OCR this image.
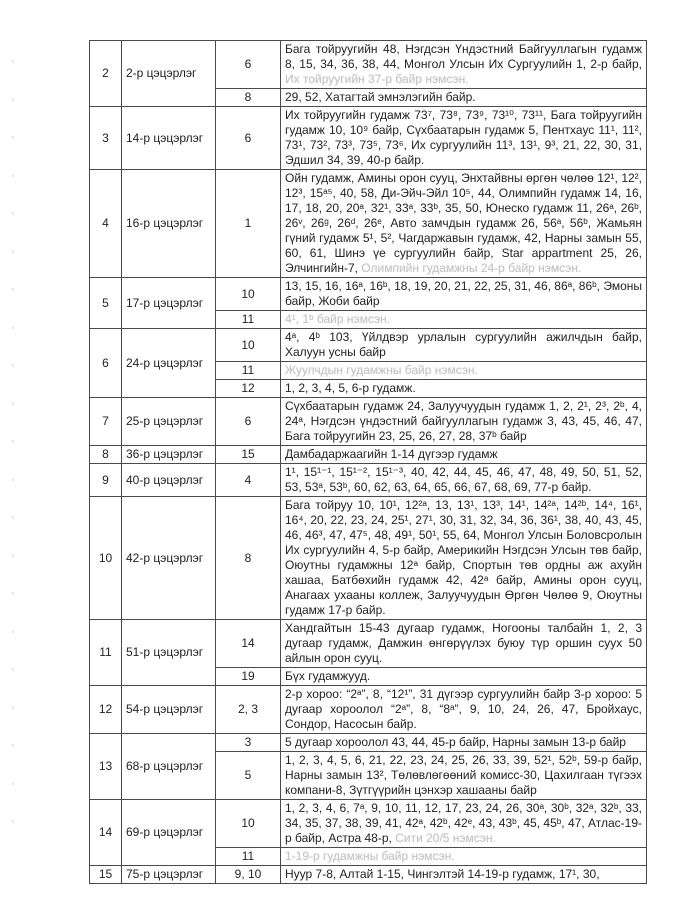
2	2-р цэцэрлэг	6	Бага тойруугийн 48, Нэгдсэн Үндэстний Байгууллагын гудамж 8, 15, 34, 36, 38, 44, Монгол Улсын Их Сургуулийн 1, 2-р байр, Их тойруугийн 37-р байр нэмсэн.
		8	29, 52, Хатагтай эмнэлэгийн байр.
3	14-р цэцэрлэг	6	Их тойруугийн гудамж 73⁷, 73⁸, 73⁹, 73¹⁰, 73¹¹, Бага тойруугийн гудамж 10, 10⁹ байр, Сүхбаатарын гудамж 5, Пентхаус 11¹, 11², 73¹, 73², 73³, 73⁵, 73⁶, Их сургуулийн 11³, 13¹, 9³, 21, 22, 30, 31, Эдшил 34, 39, 40-р байр.
4	16-р цэцэрлэг	1	Ойн гудамж, Амины орон сууц, Энхтайвны өргөн чөлөө 12¹, 12², 12³, 15ᵃ⁵, 40, 58, Ди-Эйч-Эйл 10⁵, 44, Олимпийн гудамж 14, 16, 17, 18, 20, 20ᵃ, 32¹, 33ᵃ, 33ᵇ, 35, 50, Юнеско гудамж 11, 26ᵃ, 26ᵇ, 26ᵛ, 26ᵍ, 26ᵈ, 26ᵉ, Авто замчдын гудамж 26, 56ᵃ, 56ᵇ, Жамьян гүний гудамж 5¹, 5², Чагдаржавын гудамж, 42, Нарны замын 55, 60, 61, Шинэ үе сургуулийн байр, Star appartment 25, 26, Элчингийн-7, Олимпийн гудамжны 24-р байр нэмсэн.
5	17-р цэцэрлэг	10	13, 15, 16, 16ᵃ, 16ᵇ, 18, 19, 20, 21, 22, 25, 31, 46, 86ᵃ, 86ᵇ, Эмоны байр, Жоби байр
		11	4¹, 1ᵇ байр нэмсэн.
6	24-р цэцэрлэг	10	4ᵃ, 4ᵇ 103, Үйлдвэр урлалын сургуулийн ажилчдын байр, Халуун усны байр
		11	Жуулчдын гудамжны байр нэмсэн.
		12	1, 2, 3, 4, 5, 6-р гудамж.
7	25-р цэцэрлэг	6	Сүхбаатарын гудамж 24, Залуучуудын гудамж 1, 2, 2¹, 2³, 2ᵇ, 4, 24ᵃ, Нэгдсэн үндэстний байгууллагын гудамж 3, 43, 45, 46, 47, Бага тойруугийн 23, 25, 26, 27, 28, 37ᵇ байр
8	36-р цэцэрлэг	15	Дамбадаржаагийн 1-14 дүгээр гудамж
9	40-р цэцэрлэг	4	1¹, 15¹⁻¹, 15¹⁻², 15¹⁻³, 40, 42, 44, 45, 46, 47, 48, 49, 50, 51, 52, 53, 53ᵃ, 53ᵇ, 60, 62, 63, 64, 65, 66, 67, 68, 69, 77-р байр.
10	42-р цэцэрлэг	8	Бага тойруу 10, 10¹, 12²ᵃ, 13, 13¹, 13³, 14¹, 14²ᵃ, 14²ᵇ, 14⁴, 16¹, 16⁴, 20, 22, 23, 24, 25¹, 27¹, 30, 31, 32, 34, 36, 36¹, 38, 40, 43, 45, 46, 46³, 47, 47⁵, 48, 49¹, 50¹, 55, 64, Монгол Улсын Боловсролын Их сургуулийн 4, 5-р байр, Америкийн Нэгдсэн Улсын төв байр, Оюутны гудамжны 12ᵃ байр, Спортын төв ордны аж ахуйн хашаа, Батбөхийн гудамж 42, 42ᵃ байр, Амины орон сууц, Анагаах ухааны коллеж, Залуучуудын Өргөн Чөлөө 9, Оюутны гудамж 17-р байр.
11	51-р цэцэрлэг	14	Хандгайтын 15-43 дугаар гудамж, Ногооны талбайн 1, 2, 3 дугаар гудамж, Дамжин өнгөрүүлэх буюу түр оршин суух 50 айлын орон сууц.
		19	Бүх гудамжууд.
12	54-р цэцэрлэг	2, 3	2-р хороо: “2ᵃ”, 8, “12¹”, 31 дүгээр сургуулийн байр 3-р хороо: 5 дугаар хороолол “2ᵃ”, 8, “8ᵃ”, 9, 10, 24, 26, 47, Бройхаус, Сондор, Насосын байр.
13	68-р цэцэрлэг	3	5 дугаар хороолол 43, 44, 45-р байр, Нарны замын 13-р байр
		5	1, 2, 3, 4, 5, 6, 21, 22, 23, 24, 25, 26, 33, 39, 52¹, 52ᵇ, 59-р байр, Нарны замын 13², Төлөвлөгөөний комисс-30, Цахилгаан түгээх компани-8, Зүтгүүрийн цэнхэр хашааны байр
14	69-р цэцэрлэг	10	1, 2, 3, 4, 6, 7ᵃ, 9, 10, 11, 12, 17, 23, 24, 26, 30ᵃ, 30ᵇ, 32ᵃ, 32ᵇ, 33, 34, 35, 37, 38, 39, 41, 42ᵃ, 42ᵇ, 42ᵉ, 43, 43ᵇ, 45, 45ᵇ, 47, Атлас-19-р байр, Астра 48-р, Сити 20/5 нэмсэн.
		11	1-19-р гудамжны байр нэмсэн.
15	75-р цэцэрлэг	9, 10	Нуур 7-8, Алтай 1-15, Чингэлтэй 14-19-р гудамж, 17¹, 30,
